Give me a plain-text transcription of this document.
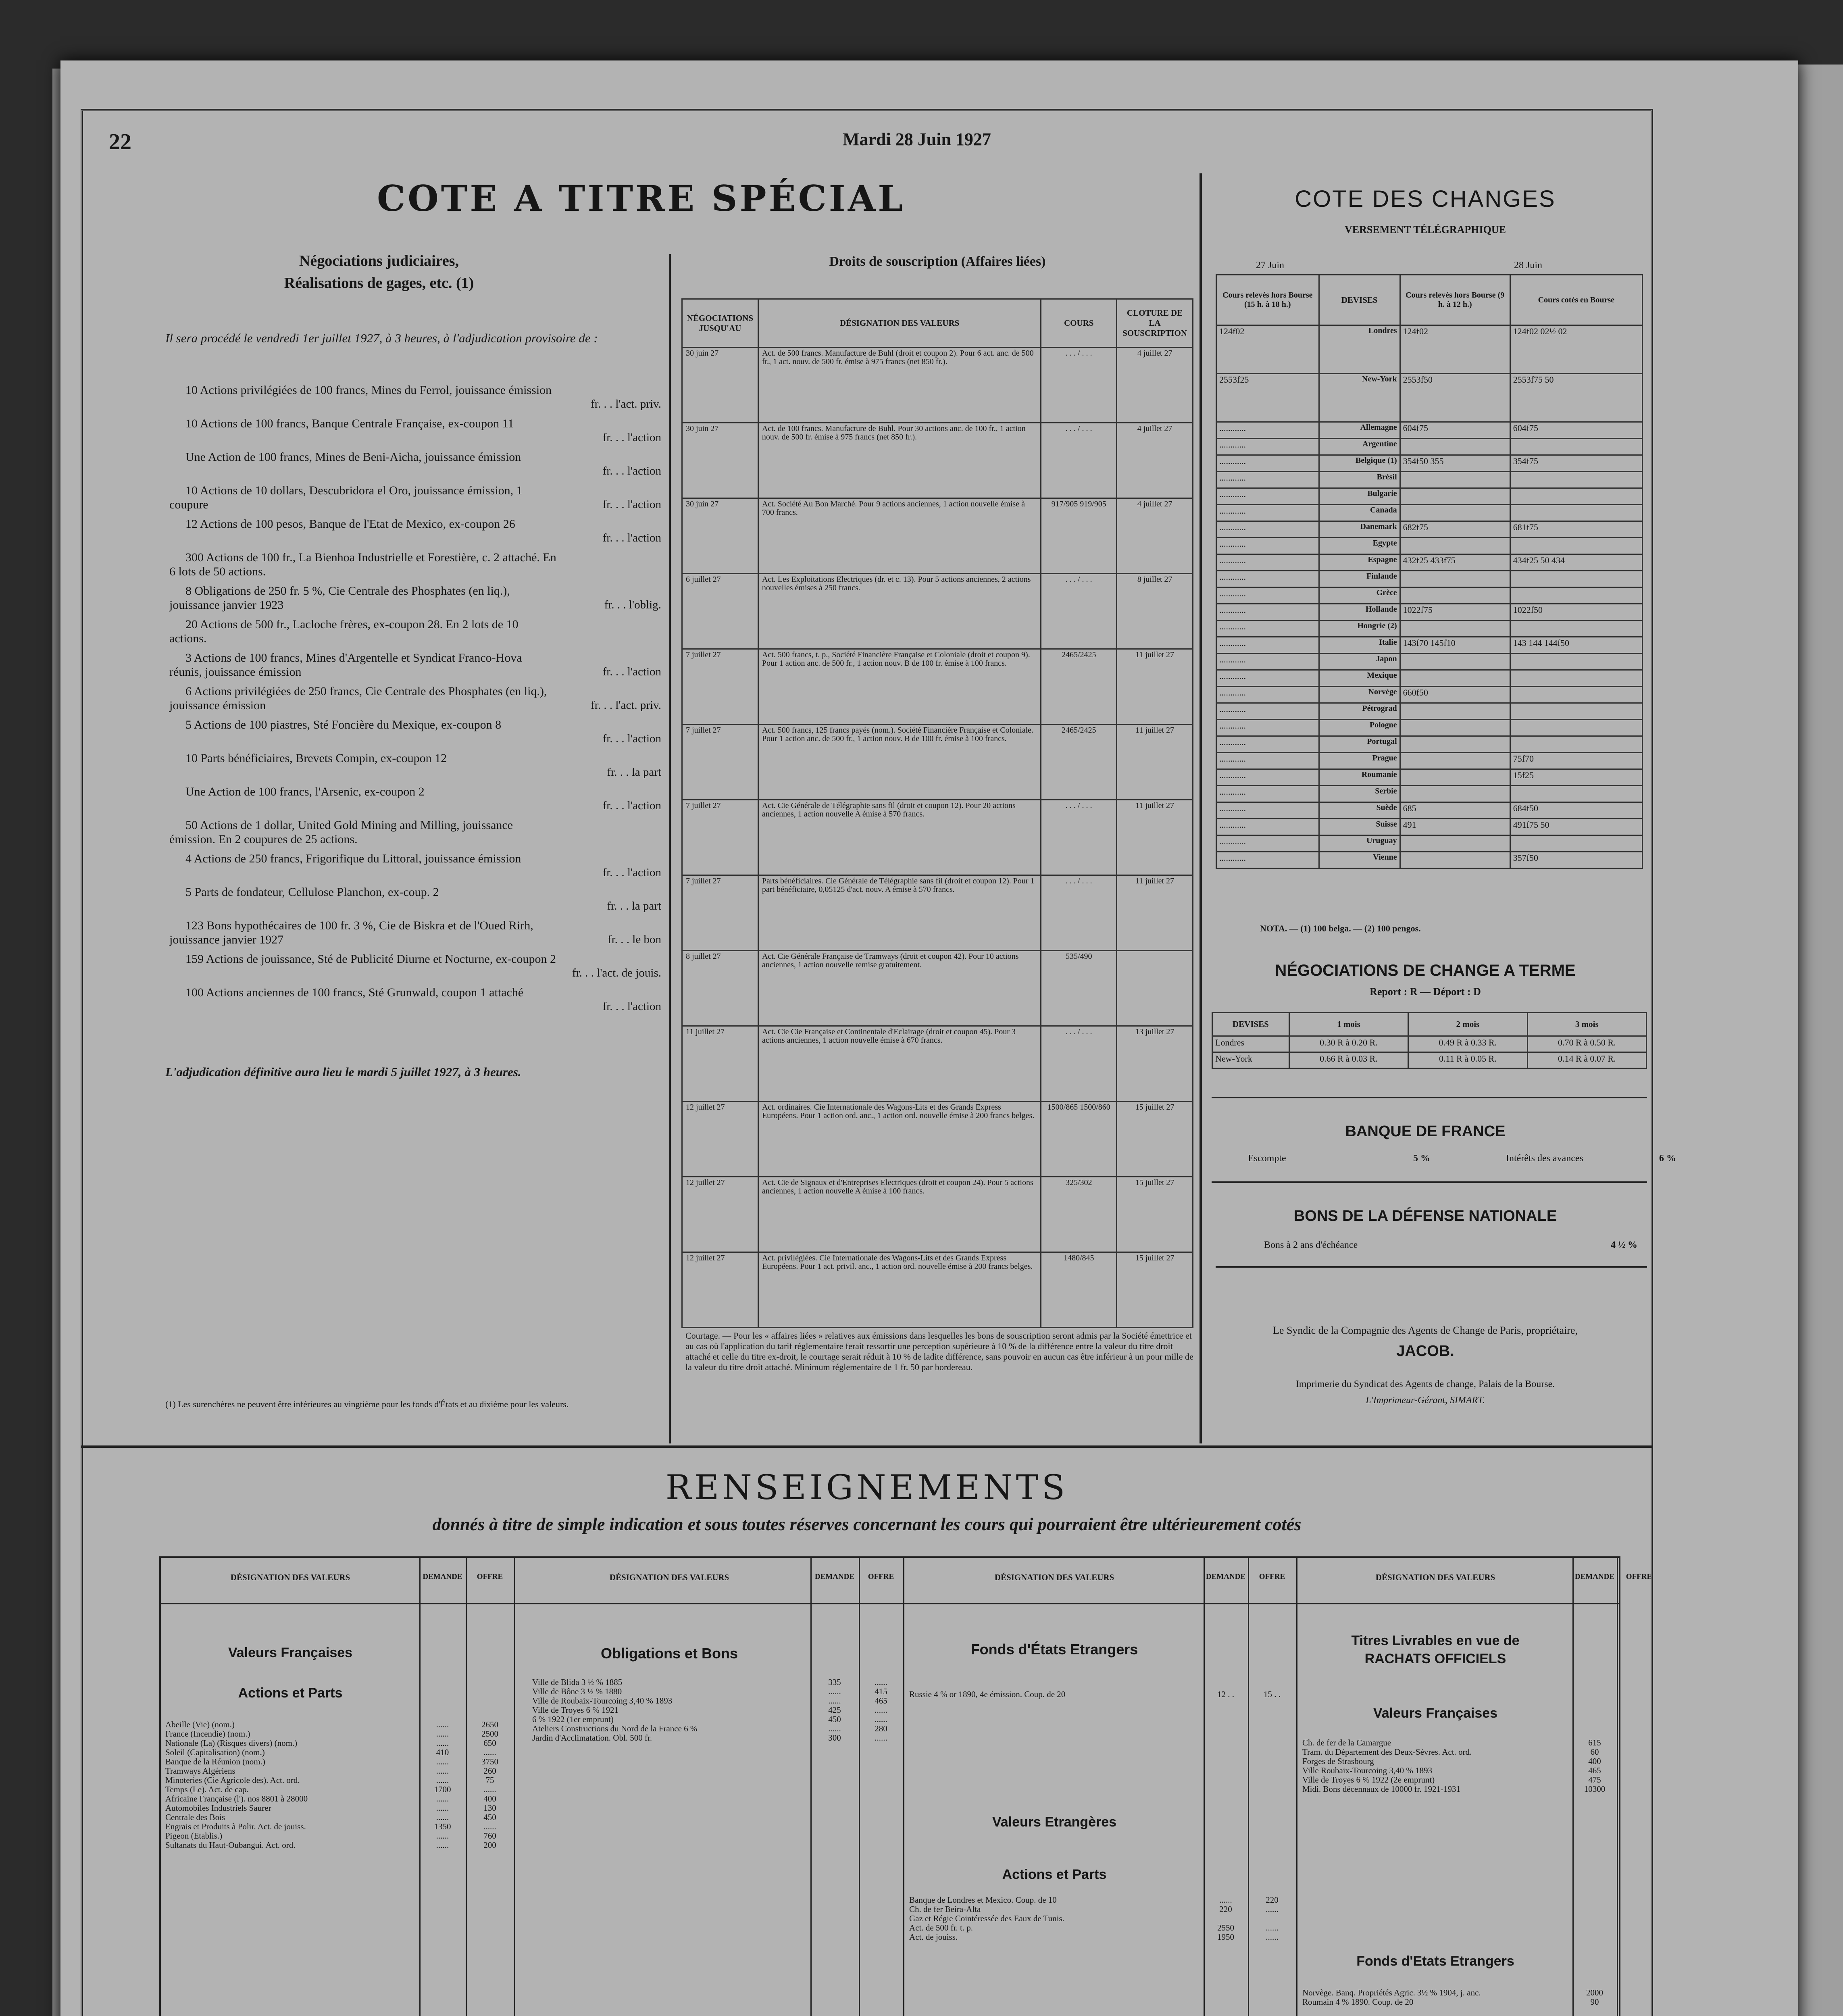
22	Mardi 28 Juin 1927
COTE A TITRE SPÉCIAL
Négociations judiciaires,
Réalisations de gages, etc. (1)
Il sera procédé le vendredi 1er juillet 1927, à 3 heures, à l'adjudication provisoire de :
10 Actions privilégiées de 100 francs, Mines du Ferrol, jouissance émission
fr. . . l'act. priv.
10 Actions de 100 francs, Banque Centrale Française, ex-coupon 11
fr. . . l'action
Une Action de 100 francs, Mines de Beni-Aicha, jouissance émission
fr. . . l'action
10 Actions de 10 dollars, Descubridora el Oro, jouissance émission, 1 coupure	fr. . . l'action
12 Actions de 100 pesos, Banque de l'Etat de Mexico, ex-coupon 26
fr. . . l'action
300 Actions de 100 fr., La Bienhoa Industrielle et Forestière, c. 2 attaché. En 6 lots de 50 actions.
8 Obligations de 250 fr. 5 %, Cie Centrale des Phosphates (en liq.), jouissance janvier 1923	fr. . . l'oblig.
20 Actions de 500 fr., Lacloche frères, ex-coupon 28. En 2 lots de 10 actions.
3 Actions de 100 francs, Mines d'Argentelle et Syndicat Franco-Hova réunis, jouissance émission	fr. . . l'action
6 Actions privilégiées de 250 francs, Cie Centrale des Phosphates (en liq.), jouissance émission	fr. . . l'act. priv.
5 Actions de 100 piastres, Sté Foncière du Mexique, ex-coupon 8
fr. . . l'action
10 Parts bénéficiaires, Brevets Compin, ex-coupon 12
fr. . . la part
Une Action de 100 francs, l'Arsenic, ex-coupon 2
fr. . . l'action
50 Actions de 1 dollar, United Gold Mining and Milling, jouissance émission. En 2 coupures de 25 actions.
4 Actions de 250 francs, Frigorifique du Littoral, jouissance émission
fr. . . l'action
5 Parts de fondateur, Cellulose Planchon, ex-coup. 2
fr. . . la part
123 Bons hypothécaires de 100 fr. 3 %, Cie de Biskra et de l'Oued Rirh, jouissance janvier 1927	fr. . . le bon
159 Actions de jouissance, Sté de Publicité Diurne et Nocturne, ex-coupon 2
fr. . . l'act. de jouis.
100 Actions anciennes de 100 francs, Sté Grunwald, coupon 1 attaché
fr. . . l'action
L'adjudication définitive aura lieu le mardi 5 juillet 1927, à 3 heures.
(1) Les surenchères ne peuvent être inférieures au vingtième pour les fonds d'États et au dixième pour les valeurs.
Droits de souscription (Affaires liées)
NÉGOCIATIONS JUSQU'AU	DÉSIGNATION DES VALEURS	COURS	CLOTURE DE LA SOUSCRIPTION
30 juin 27	Act. de 500 francs. Manufacture de Buhl (droit et coupon 2). Pour 6 act. anc. de 500 fr., 1 act. nouv. de 500 fr. émise à 975 francs (net 850 fr.).	. . . / . . .	4 juillet 27
30 juin 27	Act. de 100 francs. Manufacture de Buhl. Pour 30 actions anc. de 100 fr., 1 action nouv. de 500 fr. émise à 975 francs (net 850 fr.).	. . . / . . .	4 juillet 27
30 juin 27	Act. Société Au Bon Marché. Pour 9 actions anciennes, 1 action nouvelle émise à 700 francs.	917/905 919/905	4 juillet 27
6 juillet 27	Act. Les Exploitations Electriques (dr. et c. 13). Pour 5 actions anciennes, 2 actions nouvelles émises à 250 francs.	. . . / . . .	8 juillet 27
7 juillet 27	Act. 500 francs, t. p., Société Financière Française et Coloniale (droit et coupon 9). Pour 1 action anc. de 500 fr., 1 action nouv. B de 100 fr. émise à 100 francs.	2465/2425	11 juillet 27
7 juillet 27	Act. 500 francs, 125 francs payés (nom.). Société Financière Française et Coloniale. Pour 1 action anc. de 500 fr., 1 action nouv. B de 100 fr. émise à 100 francs.	2465/2425	11 juillet 27
7 juillet 27	Act. Cie Générale de Télégraphie sans fil (droit et coupon 12). Pour 20 actions anciennes, 1 action nouvelle A émise à 570 francs.	. . . / . . .	11 juillet 27
7 juillet 27	Parts bénéficiaires. Cie Générale de Télégraphie sans fil (droit et coupon 12). Pour 1 part bénéficiaire, 0,05125 d'act. nouv. A émise à 570 francs.	. . . / . . .	11 juillet 27
8 juillet 27	Act. Cie Générale Française de Tramways (droit et coupon 42). Pour 10 actions anciennes, 1 action nouvelle remise gratuitement.	535/490	
11 juillet 27	Act. Cie Cie Française et Continentale d'Eclairage (droit et coupon 45). Pour 3 actions anciennes, 1 action nouvelle émise à 670 francs.	. . . / . . .	13 juillet 27
12 juillet 27	Act. ordinaires. Cie Internationale des Wagons-Lits et des Grands Express Européens. Pour 1 action ord. anc., 1 action ord. nouvelle émise à 200 francs belges.	1500/865 1500/860	15 juillet 27
12 juillet 27	Act. Cie de Signaux et d'Entreprises Electriques (droit et coupon 24). Pour 5 actions anciennes, 1 action nouvelle A émise à 100 francs.	325/302	15 juillet 27
12 juillet 27	Act. privilégiées. Cie Internationale des Wagons-Lits et des Grands Express Européens. Pour 1 act. privil. anc., 1 action ord. nouvelle émise à 200 francs belges.	1480/845	15 juillet 27
Courtage. — Pour les « affaires liées » relatives aux émissions dans lesquelles les bons de souscription seront admis par la Société émettrice et au cas où l'application du tarif réglementaire ferait ressortir une perception supérieure à 10 % de la différence entre la valeur du titre droit attaché et celle du titre ex-droit, le courtage serait réduit à 10 % de ladite différence, sans pouvoir en aucun cas être inférieur à un pour mille de la valeur du titre droit attaché. Minimum réglementaire de 1 fr. 50 par bordereau.
COTE DES CHANGES
VERSEMENT TÉLÉGRAPHIQUE
27 Juin	28 Juin
Cours relevés hors Bourse (15 h. à 18 h.)	DEVISES	Cours relevés hors Bourse (9 h. à 12 h.)	Cours cotés en Bourse
124f02	Londres	124f02	124f02 02½ 02
2553f25	New-York	2553f50	2553f75 50
............	Allemagne	604f75	604f75
............	Argentine		
............	Belgique (1)	354f50 355	354f75
............	Brésil		
............	Bulgarie		
............	Canada		
............	Danemark	682f75	681f75
............	Egypte		
............	Espagne	432f25 433f75	434f25 50 434
............	Finlande		
............	Grèce		
............	Hollande	1022f75	1022f50
............	Hongrie (2)		
............	Italie	143f70 145f10	143 144 144f50
............	Japon		
............	Mexique		
............	Norvège	660f50	
............	Pétrograd		
............	Pologne		
............	Portugal		
............	Prague		75f70
............	Roumanie		15f25
............	Serbie		
............	Suède	685	684f50
............	Suisse	491	491f75 50
............	Uruguay		
............	Vienne		357f50
NOTA. — (1) 100 belga. — (2) 100 pengos.
NÉGOCIATIONS DE CHANGE A TERME
Report : R — Déport : D
DEVISES	1 mois	2 mois	3 mois
Londres	0.30 R à 0.20 R.	0.49 R à 0.33 R.	0.70 R à 0.50 R.
New-York	0.66 R à 0.03 R.	0.11 R à 0.05 R.	0.14 R à 0.07 R.
BANQUE DE FRANCE
Escompte	5 %	Intérêts des avances	6 %
BONS DE LA DÉFENSE NATIONALE
Bons à 2 ans d'échéance	4 ½ %
Le Syndic de la Compagnie des Agents de Change de Paris, propriétaire,
JACOB.
Imprimerie du Syndicat des Agents de change, Palais de la Bourse.
L'Imprimeur-Gérant, SIMART.
RENSEIGNEMENTS
donnés à titre de simple indication et sous toutes réserves concernant les cours qui pourraient être ultérieurement cotés
DÉSIGNATION DES VALEURS	DEMANDE	OFFRE	DÉSIGNATION DES VALEURS	DEMANDE	OFFRE	DÉSIGNATION DES VALEURS	DEMANDE	OFFRE	DÉSIGNATION DES VALEURS	DEMANDE	OFFRE
Valeurs Françaises
Actions et Parts
Abeille (Vie) (nom.)	......	2650
France (Incendie) (nom.)	......	2500
Nationale (La) (Risques divers) (nom.)	......	650
Soleil (Capitalisation) (nom.)	410	......
Banque de la Réunion (nom.)	......	3750
Tramways Algériens	......	260
Minoteries (Cie Agricole des). Act. ord.	......	75
Temps (Le). Act. de cap.	1700	......
Africaine Française (l'). nos 8801 à 28000	......	400
Automobiles Industriels Saurer	......	130
Centrale des Bois	......	450
Engrais et Produits à Polir. Act. de jouiss.	1350	......
Pigeon (Etablis.)	......	760
Sultanats du Haut-Oubangui. Act. ord.	......	200
Obligations et Bons
Ville de Blida 3 ½ % 1885	335	......
Ville de Bône 3 ½ % 1880	......	415
Ville de Roubaix-Tourcoing 3,40 % 1893	......	465
Ville de Troyes 6 % 1921	425	......
6 % 1922 (1er emprunt)	450	......
Ateliers Constructions du Nord de la France 6 %	......	280
Jardin d'Acclimatation. Obl. 500 fr.	300	......
Fonds d'États Etrangers
Russie 4 % or 1890, 4e émission. Coup. de 20	12 . .	15 . .
Valeurs Etrangères
Actions et Parts
Banque de Londres et Mexico. Coup. de 10	......	220
Ch. de fer Beira-Alta	220	......
Gaz et Régie Cointéressée des Eaux de Tunis.
Act. de 500 fr. t. p.	2550	......
Act. de jouiss.	1950	......
Titres Livrables en vue de
RACHATS OFFICIELS
Valeurs Françaises
Ch. de fer de la Camargue	615
Tram. du Département des Deux-Sèvres. Act. ord.	60
Forges de Strasbourg	400
Ville Roubaix-Tourcoing 3,40 % 1893	465
Ville de Troyes 6 % 1922 (2e emprunt)	475
Midi. Bons décennaux de 10000 fr. 1921-1931	10300
Fonds d'Etats Etrangers
Norvège. Banq. Propriétés Agric. 3½ % 1904, j. anc.	2000
Roumain 4 % 1890. Coup. de 20	90
